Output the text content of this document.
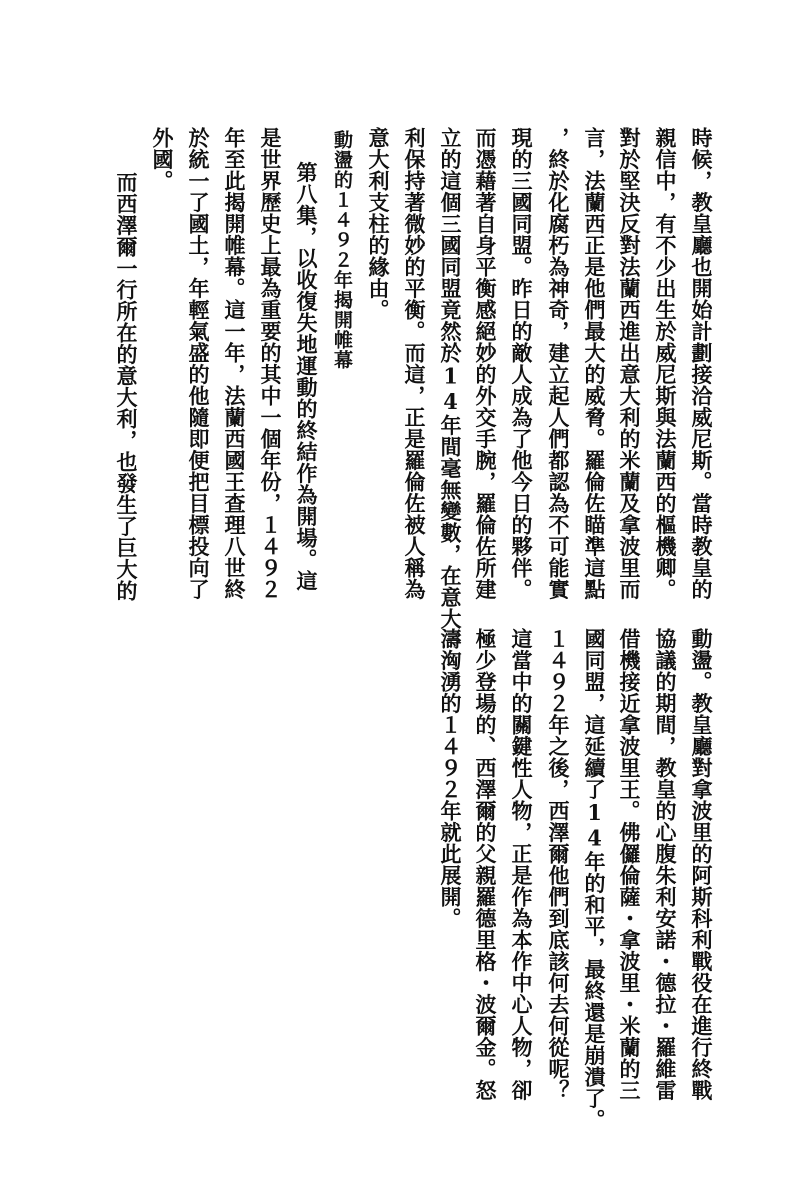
時候，教皇廳也開始計劃接洽威尼斯。當時教皇的
親信中，有不少出生於威尼斯與法蘭西的樞機卿。
對於堅決反對法蘭西進出意大利的米蘭及拿波里而
言，法蘭西正是他們最大的威脅。羅倫佐瞄準這點
，終於化腐朽為神奇，建立起人們都認為不可能實
現的三國同盟。昨日的敵人成為了他今日的夥伴。
而憑藉著自身平衡感絕妙的外交手腕，羅倫佐所建
立的這個三國同盟竟然於14年間毫無變數，在意大
利保持著微妙的平衡。而這，正是羅倫佐被人稱為
意大利支柱的緣由。
動盪的１４９２年揭開帷幕
　第八集，以收復失地運動的終結作為開場。這
是世界歷史上最為重要的其中一個年份，１４９２
年至此揭開帷幕。這一年，法蘭西國王查理八世終
於統一了國土，年輕氣盛的他隨即便把目標投向了
外國。
　而西澤爾一行所在的意大利，也發生了巨大的
動盪。教皇廳對拿波里的阿斯科利戰役在進行終戰
協議的期間，教皇的心腹朱利安諾・德拉・羅維雷
借機接近拿波里王。佛儸倫薩・拿波里・米蘭的三
國同盟，這延續了14年的和平，最終還是崩潰了。
１４９２年之後，西澤爾他們到底該何去何從呢？
這當中的關鍵性人物，正是作為本作中心人物，卻
極少登場的、西澤爾的父親羅德里格・波爾金。怒
濤洶湧的１４９２年就此展開。
